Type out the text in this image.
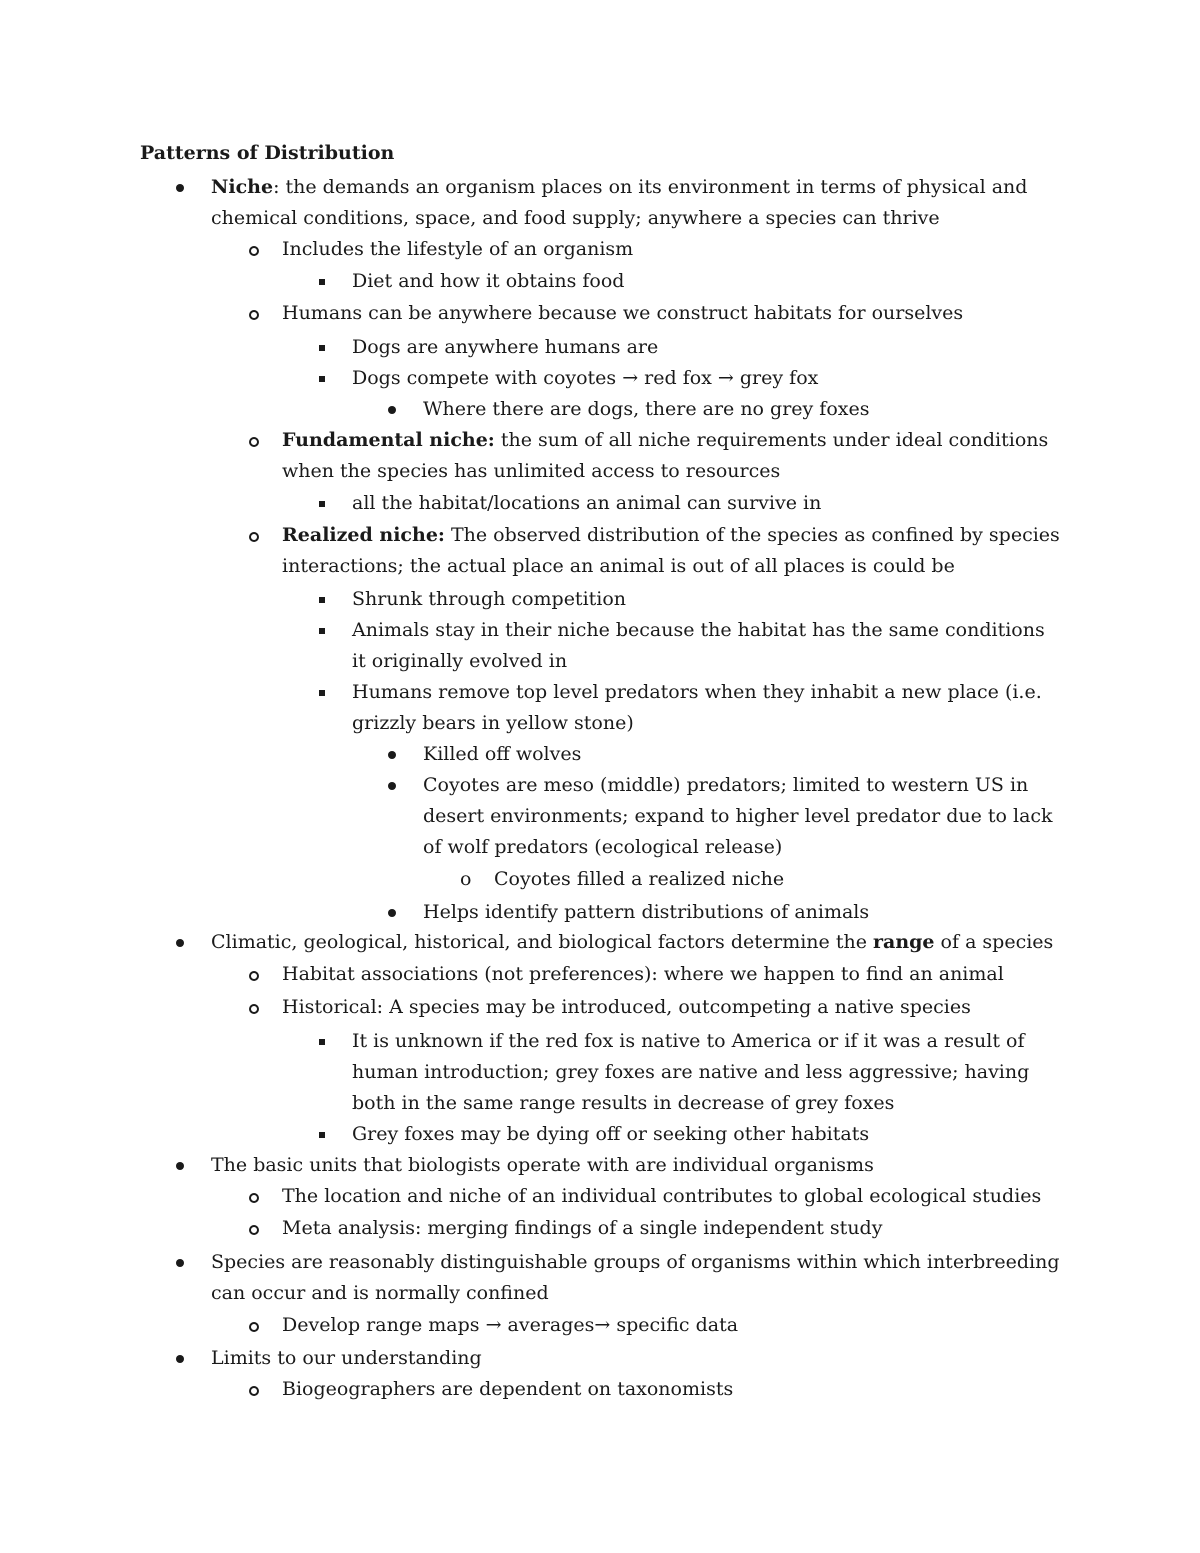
Patterns of Distribution
Niche: the demands an organism places on its environment in terms of physical and chemical conditions, space, and food supply; anywhere a species can thrive
Includes the lifestyle of an organism
Diet and how it obtains food
Humans can be anywhere because we construct habitats for ourselves
Dogs are anywhere humans are
Dogs compete with coyotes → red fox → grey fox
Where there are dogs, there are no grey foxes
Fundamental niche: the sum of all niche requirements under ideal conditions when the species has unlimited access to resources
all the habitat/locations an animal can survive in
Realized niche: The observed distribution of the species as confined by species interactions; the actual place an animal is out of all places is could be
Shrunk through competition
Animals stay in their niche because the habitat has the same conditions it originally evolved in
Humans remove top level predators when they inhabit a new place (i.e. grizzly bears in yellow stone)
Killed off wolves
Coyotes are meso (middle) predators; limited to western US in desert environments; expand to higher level predator due to lack of wolf predators (ecological release)
o Coyotes filled a realized niche
Helps identify pattern distributions of animals
Climatic, geological, historical, and biological factors determine the range of a species
Habitat associations (not preferences): where we happen to find an animal
Historical: A species may be introduced, outcompeting a native species
It is unknown if the red fox is native to America or if it was a result of human introduction; grey foxes are native and less aggressive; having both in the same range results in decrease of grey foxes
Grey foxes may be dying off or seeking other habitats
The basic units that biologists operate with are individual organisms
The location and niche of an individual contributes to global ecological studies
Meta analysis: merging findings of a single independent study
Species are reasonably distinguishable groups of organisms within which interbreeding can occur and is normally confined
Develop range maps → averages→ specific data
Limits to our understanding
Biogeographers are dependent on taxonomists
